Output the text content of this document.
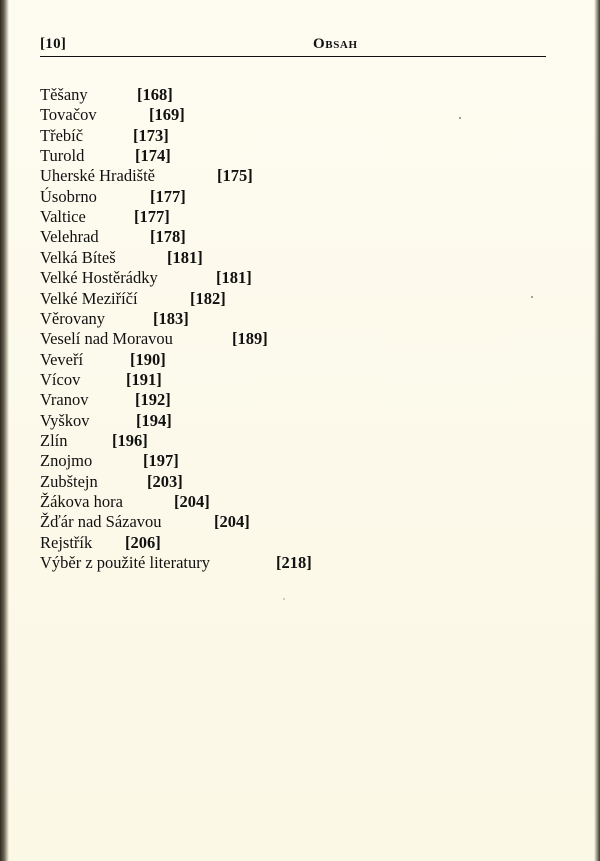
[10]	Obsah
Těšany	[168]
Tovačov	[169]
Třebíč	[173]
Turold	[174]
Uherské Hradiště	[175]
Úsobrno	[177]
Valtice	[177]
Velehrad	[178]
Velká Bíteš	[181]
Velké Hostěrádky	[181]
Velké Meziříčí	[182]
Věrovany	[183]
Veselí nad Moravou	[189]
Veveří	[190]
Vícov	[191]
Vranov	[192]
Vyškov	[194]
Zlín	[196]
Znojmo	[197]
Zubštejn	[203]
Žákova hora	[204]
Žďár nad Sázavou	[204]
Rejstřík [206]
Výběr z použité literatury	[218]
